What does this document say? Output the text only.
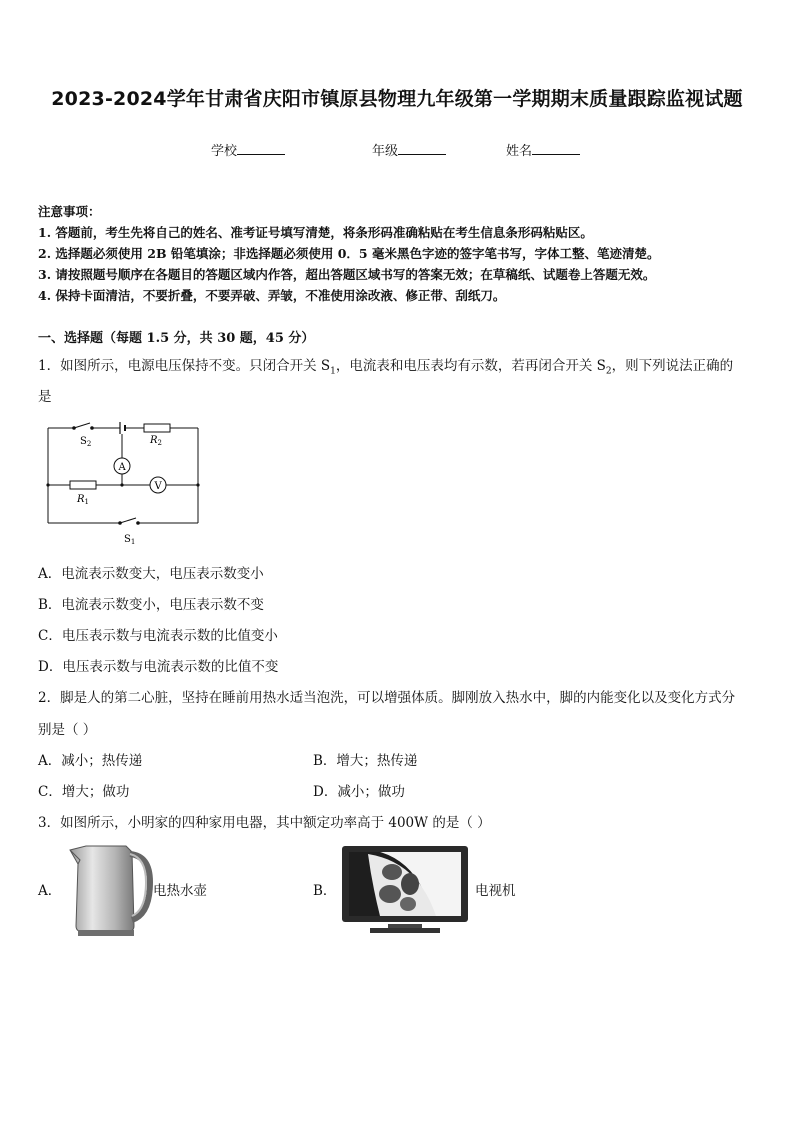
2023-2024学年甘肃省庆阳市镇原县物理九年级第一学期期末质量跟踪监视试题
学校	年级	姓名
注意事项：
1. 答题前，考生先将自己的姓名、准考证号填写清楚，将条形码准确粘贴在考生信息条形码粘贴区。
2. 选择题必须使用 2B 铅笔填涂；非选择题必须使用 0．5 毫米黑色字迹的签字笔书写，字体工整、笔迹清楚。
3. 请按照题号顺序在各题目的答题区域内作答，超出答题区域书写的答案无效；在草稿纸、试题卷上答题无效。
4. 保持卡面清洁，不要折叠，不要弄破、弄皱，不准使用涂改液、修正带、刮纸刀。
一、选择题（每题 1.5 分，共 30 题，45 分）
1．如图所示，电源电压保持不变。只闭合开关 $S_1$，电流表和电压表均有示数，若再闭合开关 $S_2$，则下列说法正确的
是
$S_2$	$R_2$
A
V
$R_1$
$S_1$
A．电流表示数变大，电压表示数变小
B．电流表示数变小，电压表示数不变
C．电压表示数与电流表示数的比值变小
D．电压表示数与电流表示数的比值不变
2．脚是人的第二心脏，坚持在睡前用热水适当泡洗，可以增强体质。脚刚放入热水中，脚的内能变化以及变化方式分
别是（ ）
A．减小；热传递	B．增大；热传递
C．增大；做功	D．减小；做功
3．如图所示，小明家的四种家用电器，其中额定功率高于 400W 的是（ ）
A．	电热水壶	B．	电视机
